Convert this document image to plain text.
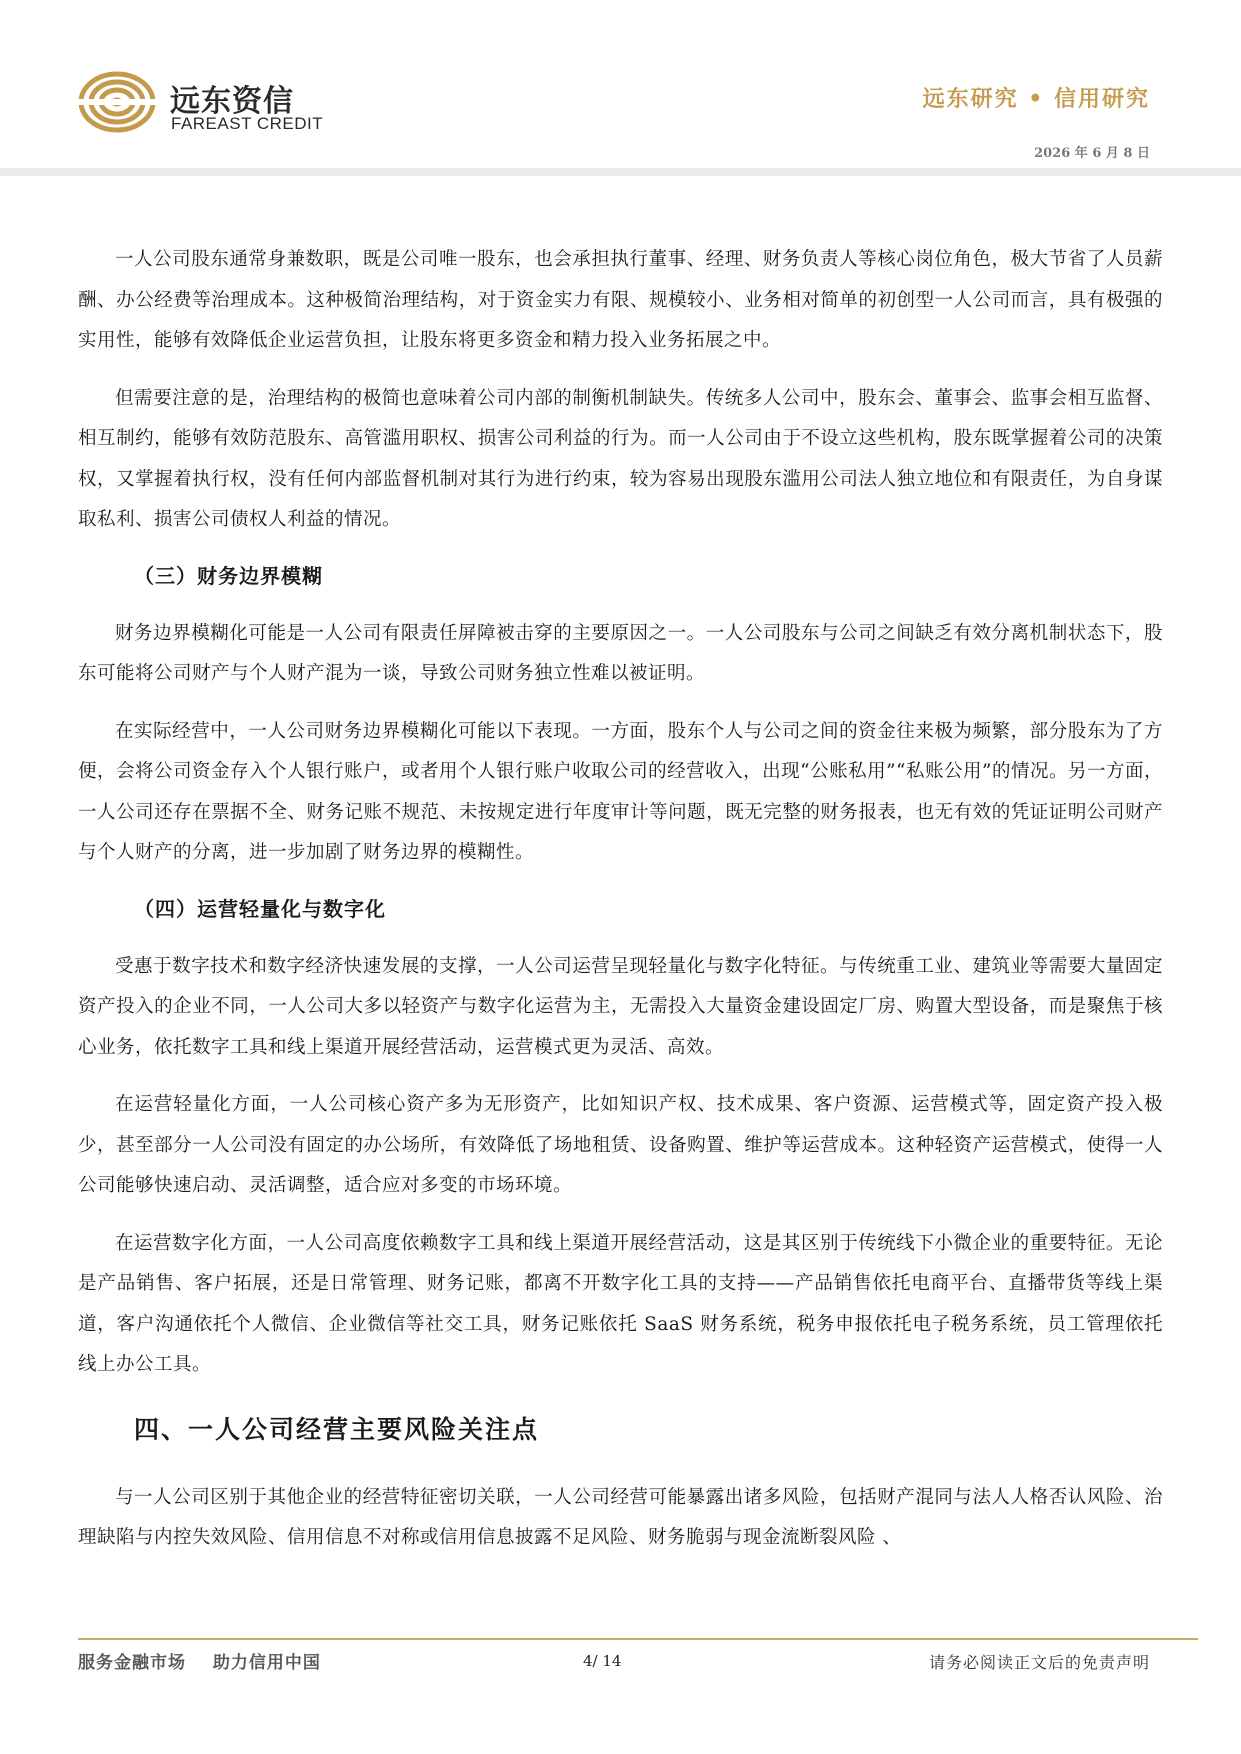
远东资信
FAREAST CREDIT
远东研究 • 信用研究
2026 年 6 月 8 日

一人公司股东通常身兼数职，既是公司唯一股东，也会承担执行董事、经理、财务负责人等核心岗位角色，极大节省了人员薪酬、办公经费等治理成本。这种极简治理结构，对于资金实力有限、规模较小、业务相对简单的初创型一人公司而言，具有极强的实用性，能够有效降低企业运营负担，让股东将更多资金和精力投入业务拓展之中。

但需要注意的是，治理结构的极简也意味着公司内部的制衡机制缺失。传统多人公司中，股东会、董事会、监事会相互监督、相互制约，能够有效防范股东、高管滥用职权、损害公司利益的行为。而一人公司由于不设立这些机构，股东既掌握着公司的决策权，又掌握着执行权，没有任何内部监督机制对其行为进行约束，较为容易出现股东滥用公司法人独立地位和有限责任，为自身谋取私利、损害公司债权人利益的情况。

（三）财务边界模糊

财务边界模糊化可能是一人公司有限责任屏障被击穿的主要原因之一。一人公司股东与公司之间缺乏有效分离机制状态下，股东可能将公司财产与个人财产混为一谈，导致公司财务独立性难以被证明。

在实际经营中，一人公司财务边界模糊化可能以下表现。一方面，股东个人与公司之间的资金往来极为频繁，部分股东为了方便，会将公司资金存入个人银行账户，或者用个人银行账户收取公司的经营收入，出现“公账私用”“私账公用”的情况。另一方面，一人公司还存在票据不全、财务记账不规范、未按规定进行年度审计等问题，既无完整的财务报表，也无有效的凭证证明公司财产与个人财产的分离，进一步加剧了财务边界的模糊性。

（四）运营轻量化与数字化

受惠于数字技术和数字经济快速发展的支撑，一人公司运营呈现轻量化与数字化特征。与传统重工业、建筑业等需要大量固定资产投入的企业不同，一人公司大多以轻资产与数字化运营为主，无需投入大量资金建设固定厂房、购置大型设备，而是聚焦于核心业务，依托数字工具和线上渠道开展经营活动，运营模式更为灵活、高效。

在运营轻量化方面，一人公司核心资产多为无形资产，比如知识产权、技术成果、客户资源、运营模式等，固定资产投入极少，甚至部分一人公司没有固定的办公场所，有效降低了场地租赁、设备购置、维护等运营成本。这种轻资产运营模式，使得一人公司能够快速启动、灵活调整，适合应对多变的市场环境。

在运营数字化方面，一人公司高度依赖数字工具和线上渠道开展经营活动，这是其区别于传统线下小微企业的重要特征。无论是产品销售、客户拓展，还是日常管理、财务记账，都离不开数字化工具的支持——产品销售依托电商平台、直播带货等线上渠道，客户沟通依托个人微信、企业微信等社交工具，财务记账依托 SaaS 财务系统，税务申报依托电子税务系统，员工管理依托线上办公工具。

四、一人公司经营主要风险关注点

与一人公司区别于其他企业的经营特征密切关联，一人公司经营可能暴露出诸多风险，包括财产混同与法人人格否认风险、治理缺陷与内控失效风险、信用信息不对称或信用信息披露不足风险、财务脆弱与现金流断裂风险 、

服务金融市场 助力信用中国	4/ 14	请务必阅读正文后的免责声明
